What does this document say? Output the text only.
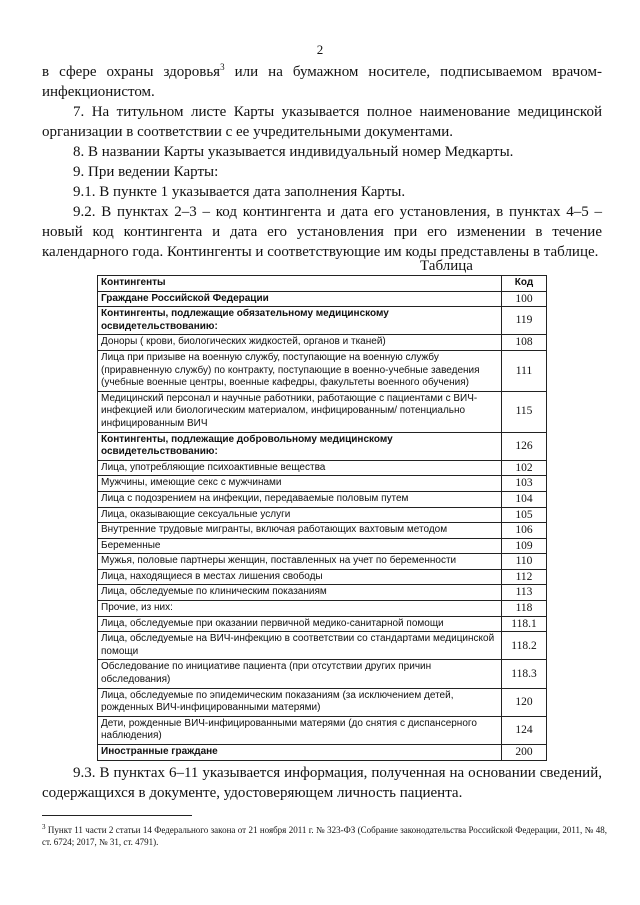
2

в сфере охраны здоровья$^3$ или на бумажном носителе, подписываемом врачом-инфекционистом.

7. На титульном листе Карты указывается полное наименование медицинской организации в соответствии с ее учредительными документами.

8. В названии Карты указывается индивидуальный номер Медкарты.

9. При ведении Карты:

9.1. В пункте 1 указывается дата заполнения Карты.

9.2. В пунктах 2–3 – код контингента и дата его установления, в пунктах 4–5 – новый код контингента и дата его установления при его изменении в течение календарного года. Контингенты и соответствующие им коды представлены в таблице.

Таблица
Контингенты	Код
Граждане Российской Федерации	100
Контингенты, подлежащие обязательному медицинскому освидетельствованию:	119
Доноры ( крови, биологических жидкостей, органов и тканей)	108
Лица при призыве на военную службу, поступающие на военную службу (приравненную службу) по контракту, поступающие в военно-учебные заведения (учебные военные центры, военные кафедры, факультеты военного обучения)	111
Медицинский персонал и научные работники, работающие с пациентами с ВИЧ-инфекцией или биологическим материалом, инфицированным/ потенциально инфицированным ВИЧ	115
Контингенты, подлежащие добровольному медицинскому освидетельствованию:	126
Лица, употребляющие психоактивные вещества	102
Мужчины, имеющие секс с мужчинами	103
Лица с подозрением на инфекции, передаваемые половым путем	104
Лица, оказывающие сексуальные услуги	105
Внутренние трудовые мигранты, включая работающих вахтовым методом	106
Беременные	109
Мужья, половые партнеры женщин, поставленных на учет по беременности	110
Лица, находящиеся в местах лишения свободы	112
Лица, обследуемые по клиническим показаниям	113
Прочие, из них:	118
Лица, обследуемые при оказании первичной медико-санитарной помощи	118.1
Лица, обследуемые на ВИЧ-инфекцию в соответствии со стандартами медицинской помощи	118.2
Обследование по инициативе пациента (при отсутствии других причин обследования)	118.3
Лица, обследуемые по эпидемическим показаниям (за исключением детей, рожденных ВИЧ-инфицированными матерями)	120
Дети, рожденные ВИЧ-инфицированными матерями (до снятия с диспансерного наблюдения)	124
Иностранные граждане	200

9.3. В пунктах 6–11 указывается информация, полученная на основании сведений, содержащихся в документе, удостоверяющем личность пациента.

$^3$ Пункт 11 части 2 статьи 14 Федерального закона от 21 ноября 2011 г. № 323-ФЗ (Собрание законодательства Российской Федерации, 2011, № 48, ст. 6724; 2017, № 31, ст. 4791).
